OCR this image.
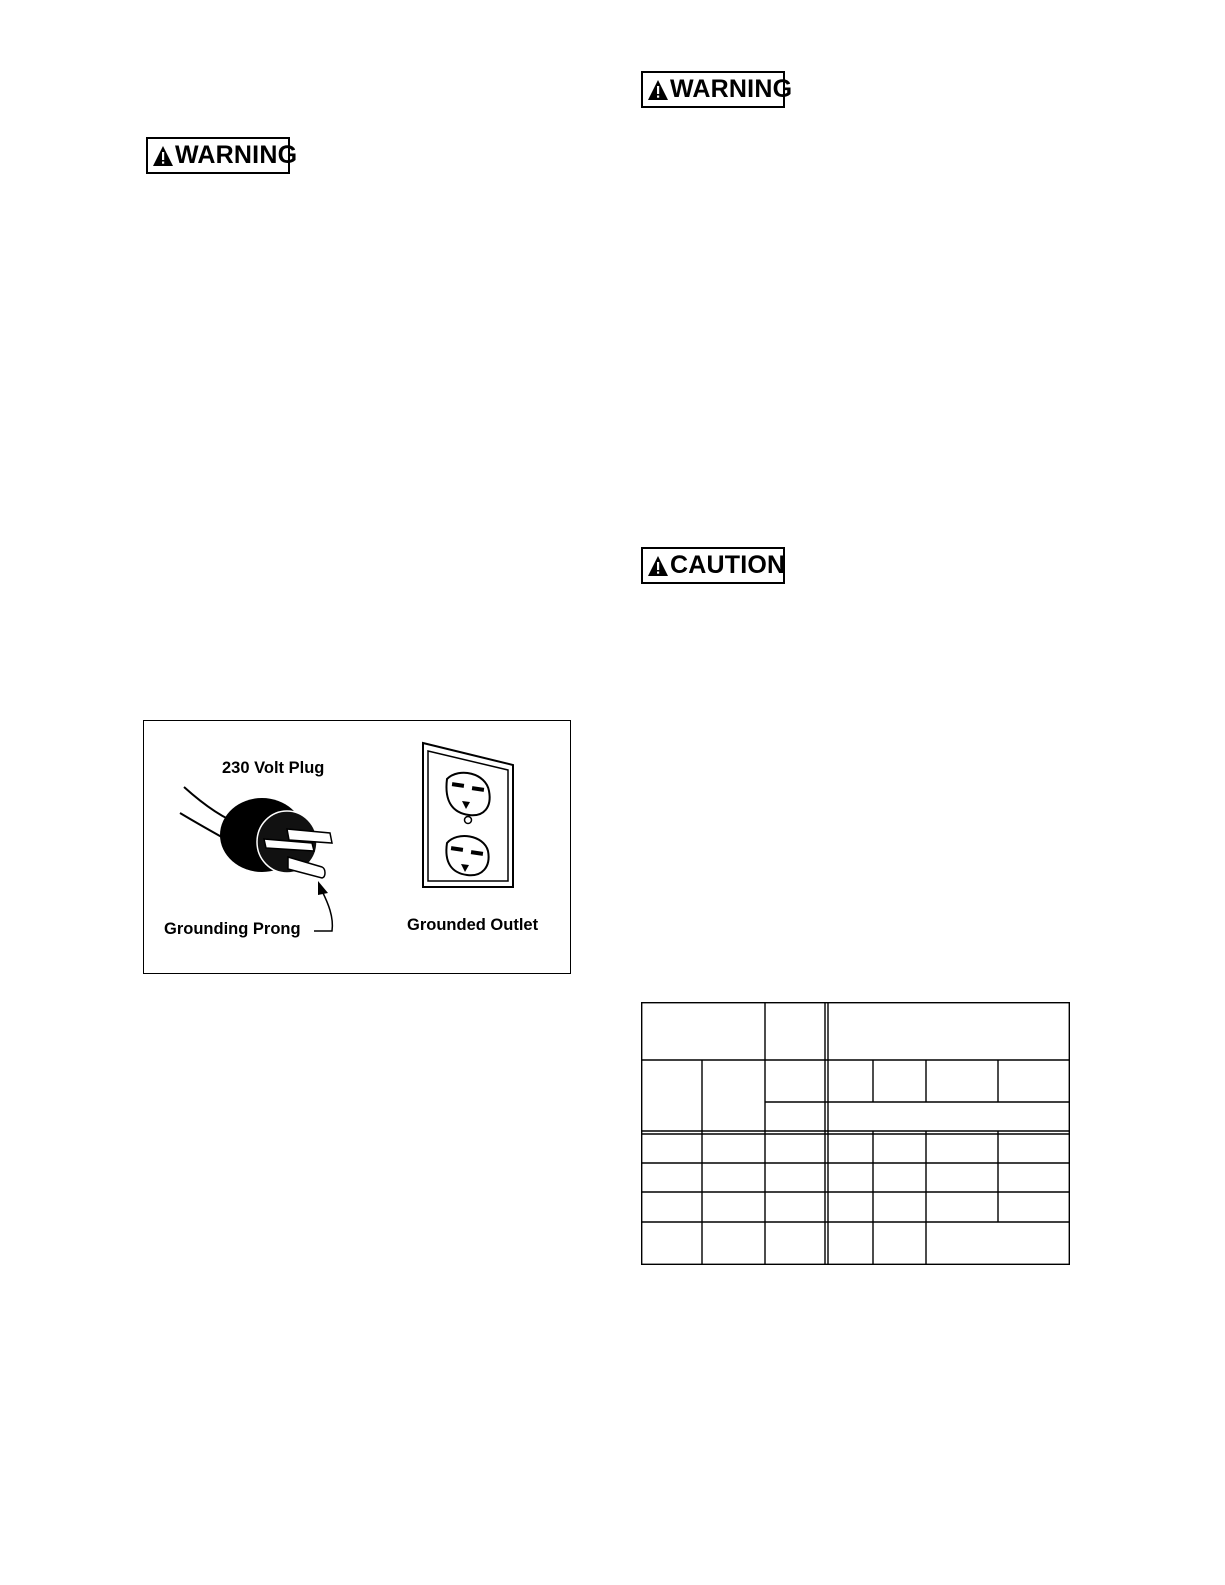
WARNING
WARNING
CAUTION
230 Volt Plug
Grounding Prong	Grounded Outlet
